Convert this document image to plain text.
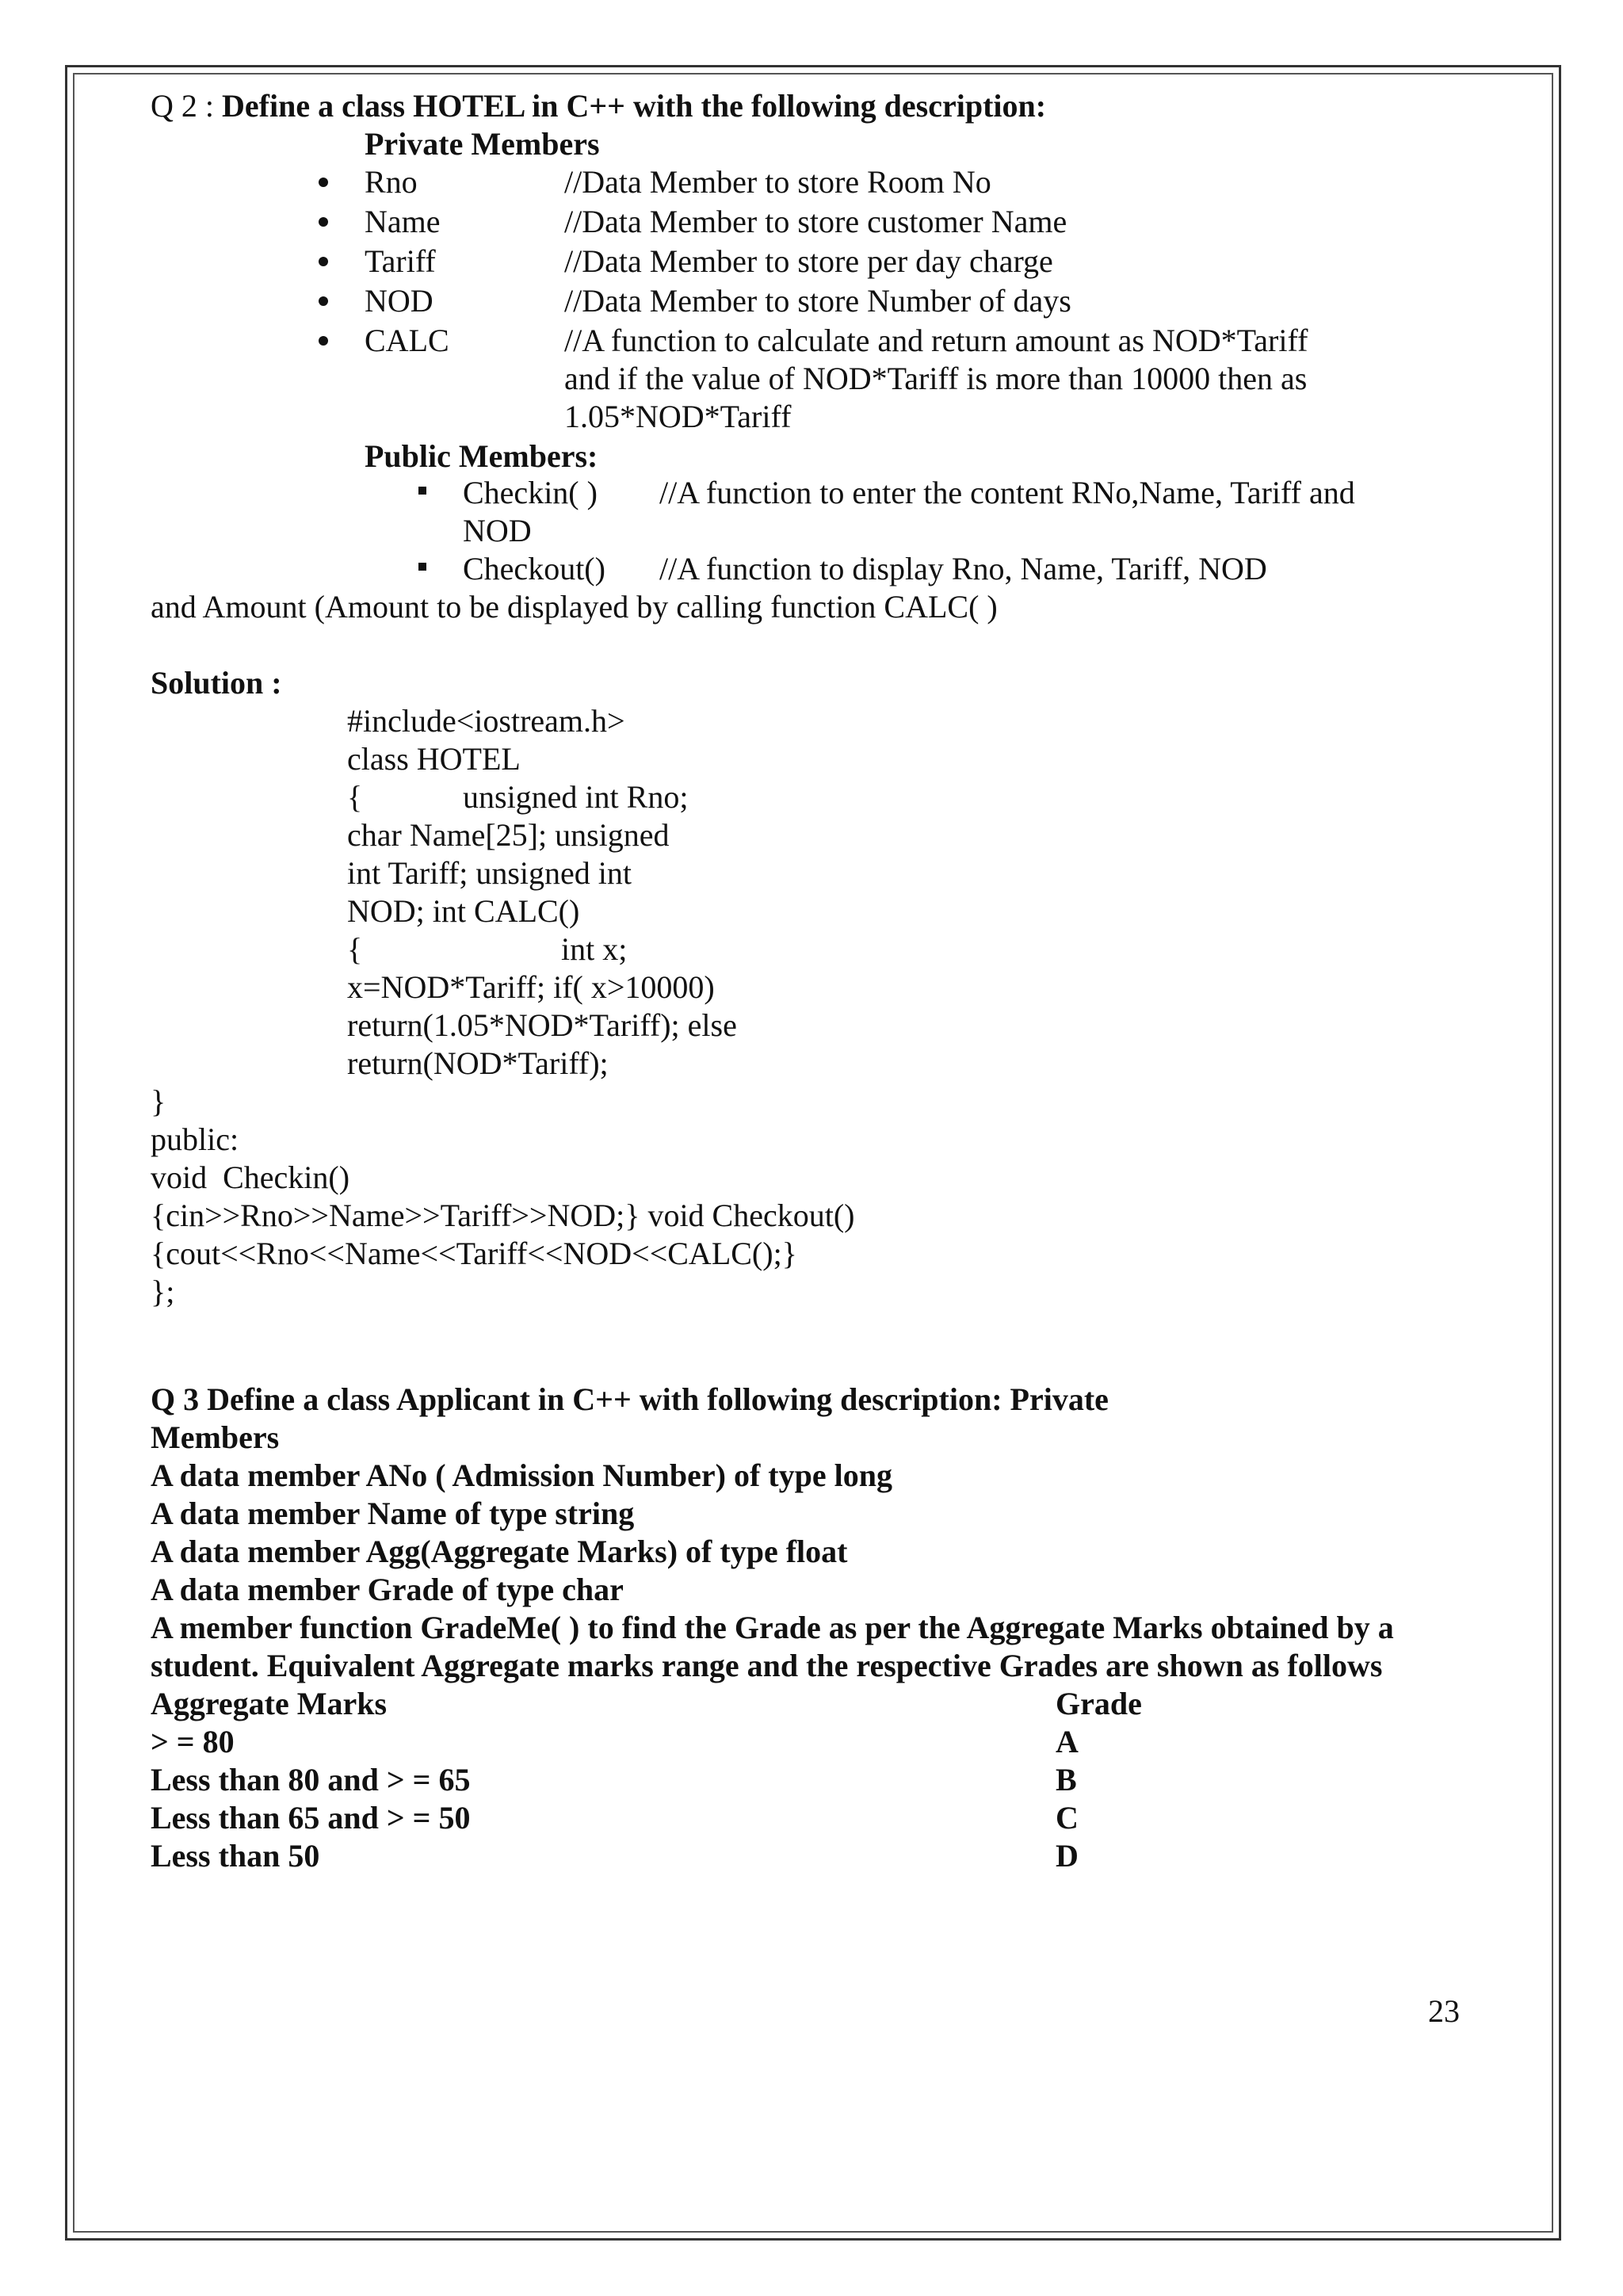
Q 2 : Define a class HOTEL in C++ with the following description:
Private Members
Rno	//Data Member to store Room No
Name	//Data Member to store customer Name
Tariff	//Data Member to store per day charge
NOD	//Data Member to store Number of days
CALC	//A function to calculate and return amount as NOD*Tariff
and if the value of NOD*Tariff is more than 10000 then as
1.05*NOD*Tariff
Public Members:
Checkin( ) //A function to enter the content RNo,Name, Tariff and
NOD
Checkout() //A function to display Rno, Name, Tariff, NOD
and Amount (Amount to be displayed by calling function CALC( )
Solution :
#include<iostream.h>
class HOTEL
{	unsigned int Rno;
char Name[25]; unsigned
int Tariff; unsigned int
NOD; int CALC()
{	int x;
x=NOD*Tariff; if( x>10000)
return(1.05*NOD*Tariff); else
return(NOD*Tariff);
}
public:
void  Checkin()
{cin>>Rno>>Name>>Tariff>>NOD;} void Checkout()
{cout<<Rno<<Name<<Tariff<<NOD<<CALC();}
};
Q 3 Define a class Applicant in C++ with following description: Private
Members
A data member ANo ( Admission Number) of type long
A data member Name of type string
A data member Agg(Aggregate Marks) of type float
A data member Grade of type char
A member function GradeMe( ) to find the Grade as per the Aggregate Marks obtained by a
student. Equivalent Aggregate marks range and the respective Grades are shown as follows
Aggregate Marks	Grade
> = 80	A
Less than 80 and > = 65	B
Less than 65 and > = 50	C
Less than 50	D
23
